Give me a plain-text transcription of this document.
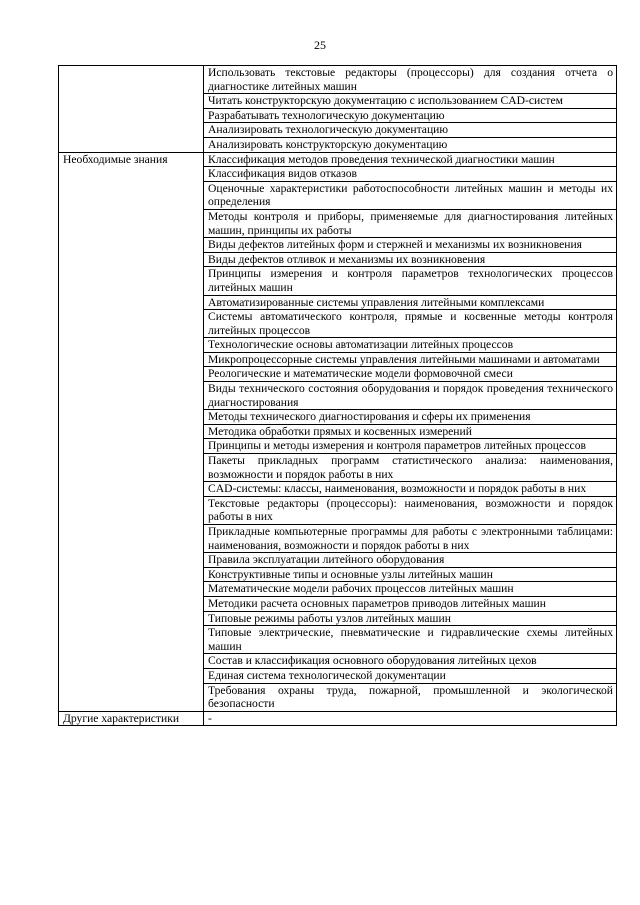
25

	Использовать текстовые редакторы (процессоры) для создания отчета о диагностике литейных машин

	Читать конструкторскую документацию с использованием CAD-систем

	Разрабатывать технологическую документацию

	Анализировать технологическую документацию

	Анализировать конструкторскую документацию

Необходимые знания	Классификация методов проведения технической диагностики машин

	Классификация видов отказов

	Оценочные характеристики работоспособности литейных машин и методы их определения

	Методы контроля и приборы, применяемые для диагностирования литейных машин, принципы их работы

	Виды дефектов литейных форм и стержней и механизмы их возникновения

	Виды дефектов отливок и механизмы их возникновения

	Принципы измерения и контроля параметров технологических процессов литейных машин

	Автоматизированные системы управления литейными комплексами

	Системы автоматического контроля, прямые и косвенные методы контроля литейных процессов

	Технологические основы автоматизации литейных процессов

	Микропроцессорные системы управления литейными машинами и автоматами

	Реологические и математические модели формовочной смеси

	Виды технического состояния оборудования и порядок проведения технического диагностирования

	Методы технического диагностирования и сферы их применения

	Методика обработки прямых и косвенных измерений

	Принципы и методы измерения и контроля параметров литейных процессов

	Пакеты прикладных программ статистического анализа: наименования, возможности и порядок работы в них

	CAD-системы: классы, наименования, возможности и порядок работы в них

	Текстовые редакторы (процессоры): наименования, возможности и порядок работы в них

	Прикладные компьютерные программы для работы с электронными таблицами: наименования, возможности и порядок работы в них

	Правила эксплуатации литейного оборудования

	Конструктивные типы и основные узлы литейных машин

	Математические модели рабочих процессов литейных машин

	Методики расчета основных параметров приводов литейных машин

	Типовые режимы работы узлов литейных машин

	Типовые электрические, пневматические и гидравлические схемы литейных машин

	Состав и классификация основного оборудования литейных цехов

	Единая система технологической документации

	Требования охраны труда, пожарной, промышленной и экологической безопасности

Другие характеристики	-
